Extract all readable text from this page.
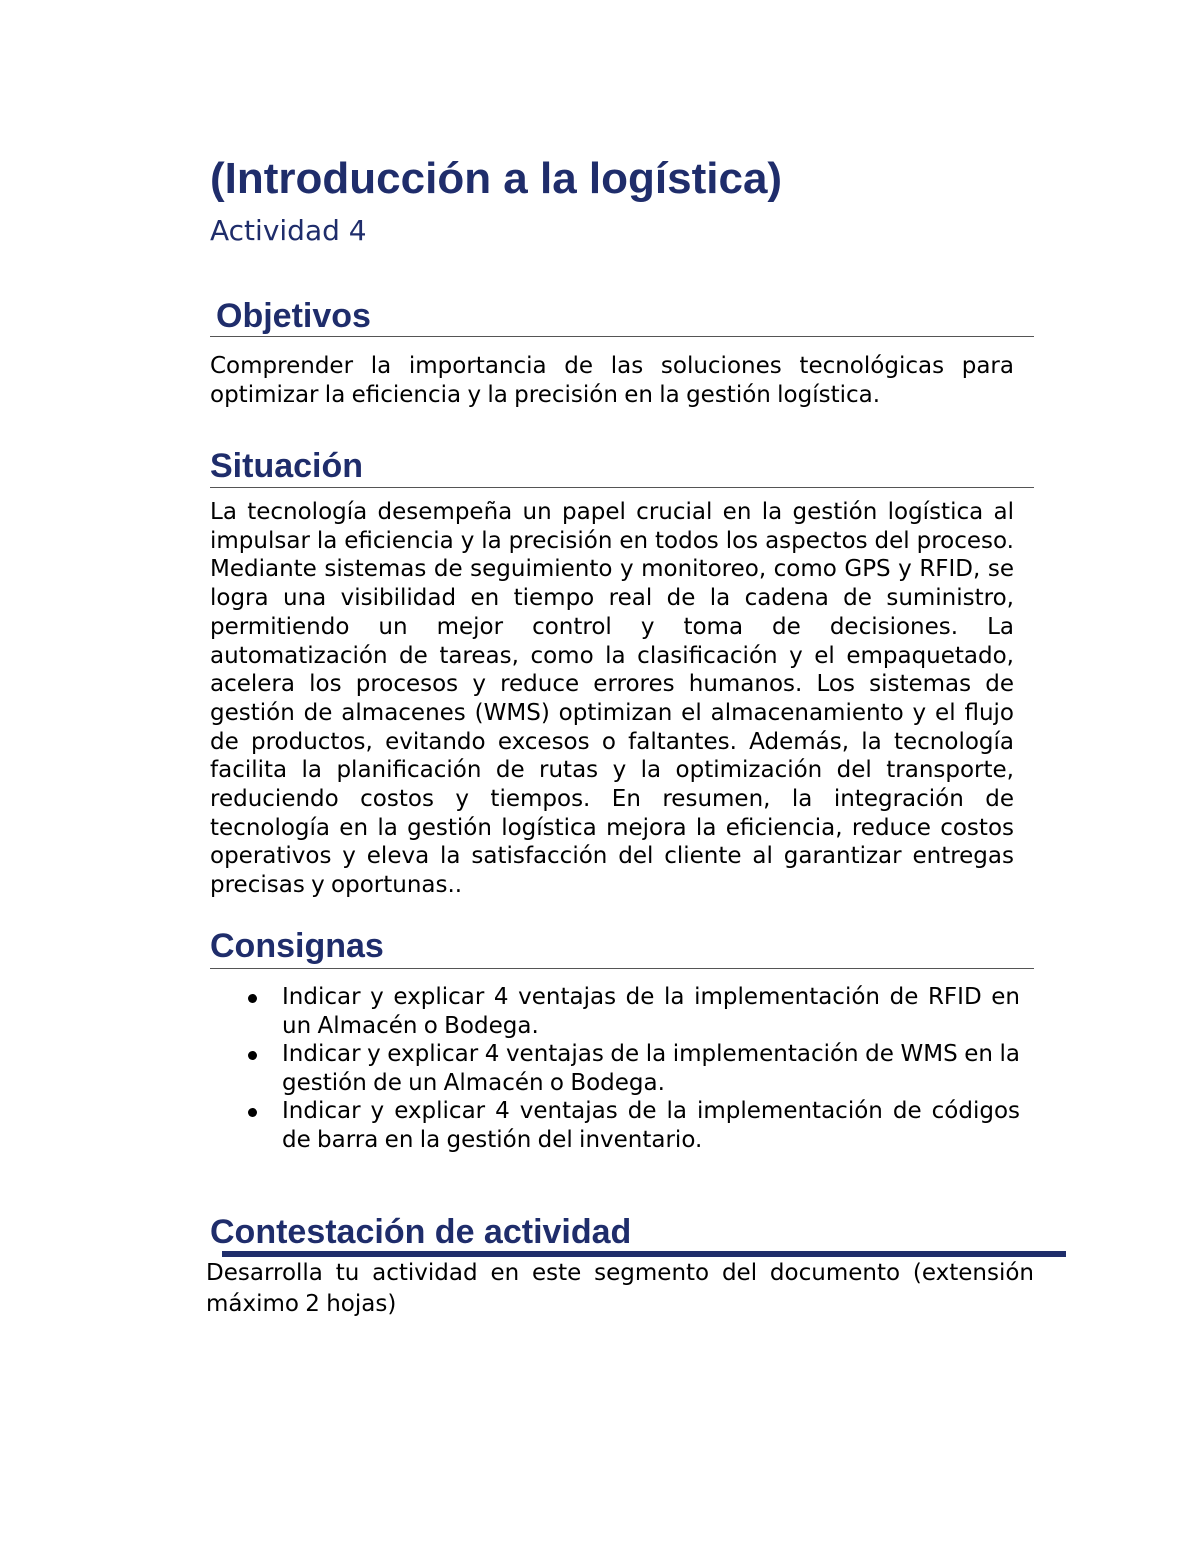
(Introducción a la logística)
Actividad 4
Objetivos

Comprender la importancia de las soluciones tecnológicas para optimizar la eficiencia y la precisión en la gestión logística.

Situación

La tecnología desempeña un papel crucial en la gestión logística al impulsar la eficiencia y la precisión en todos los aspectos del proceso. Mediante sistemas de seguimiento y monitoreo, como GPS y RFID, se logra una visibilidad en tiempo real de la cadena de suministro, permitiendo un mejor control y toma de decisiones. La automatización de tareas, como la clasificación y el empaquetado, acelera los procesos y reduce errores humanos. Los sistemas de gestión de almacenes (WMS) optimizan el almacenamiento y el flujo de productos, evitando excesos o faltantes. Además, la tecnología facilita la planificación de rutas y la optimización del transporte, reduciendo costos y tiempos. En resumen, la integración de tecnología en la gestión logística mejora la eficiencia, reduce costos operativos y eleva la satisfacción del cliente al garantizar entregas precisas y oportunas..

Consignas
Indicar y explicar 4 ventajas de la implementación de RFID en un Almacén o Bodega.
Indicar y explicar 4 ventajas de la implementación de WMS en la gestión de un Almacén o Bodega.
Indicar y explicar 4 ventajas de la implementación de códigos de barra en la gestión del inventario.
Contestación de actividad

Desarrolla tu actividad en este segmento del documento (extensión máximo 2 hojas)
